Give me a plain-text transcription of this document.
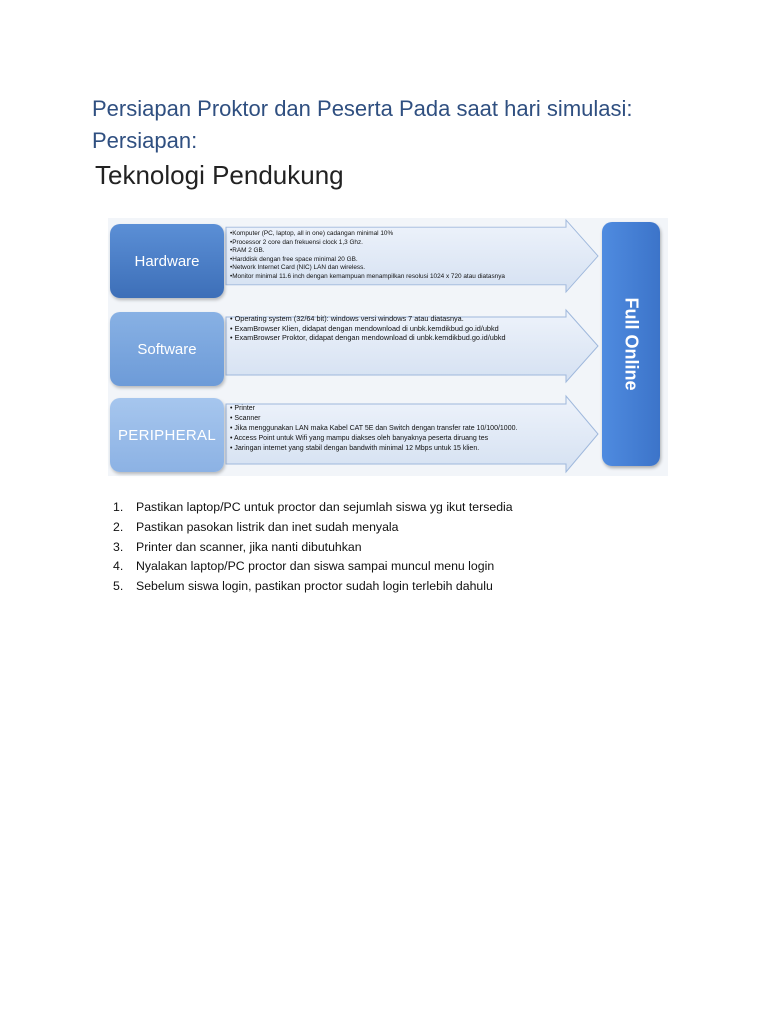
Persiapan Proktor dan Peserta Pada saat hari simulasi:
Persiapan:
Teknologi Pendukung
•Komputer (PC, laptop, all in one) cadangan minimal 10%
•Processor 2 core dan frekuensi clock 1,3 Ghz.
•RAM 2 GB.
•Harddisk dengan free space minimal 20 GB.
•Network Internet Card (NIC) LAN dan wireless.
•Monitor minimal 11.6 inch dengan kemampuan menampilkan resolusi 1024 x 720 atau diatasnya
Hardware
• Operating system (32/64 bit): windows versi windows 7 atau diatasnya.
• ExamBrowser Klien, didapat dengan mendownload di unbk.kemdikbud.go.id/ubkd
• ExamBrowser Proktor, didapat dengan mendownload di unbk.kemdikbud.go.id/ubkd
Software
• Printer
• Scanner
• Jika menggunakan LAN maka Kabel CAT 5E dan Switch dengan transfer rate 10/100/1000.
• Access Point untuk Wifi yang mampu diakses oleh banyaknya peserta diruang tes
• Jaringan internet yang stabil dengan bandwith minimal 12 Mbps untuk 15 klien.
PERIPHERAL
Full Online
1. Pastikan laptop/PC untuk proctor dan sejumlah siswa yg ikut tersedia
2. Pastikan pasokan listrik dan inet sudah menyala
3. Printer dan scanner, jika nanti dibutuhkan
4. Nyalakan laptop/PC proctor dan siswa sampai muncul menu login
5. Sebelum siswa login, pastikan proctor sudah login terlebih dahulu
